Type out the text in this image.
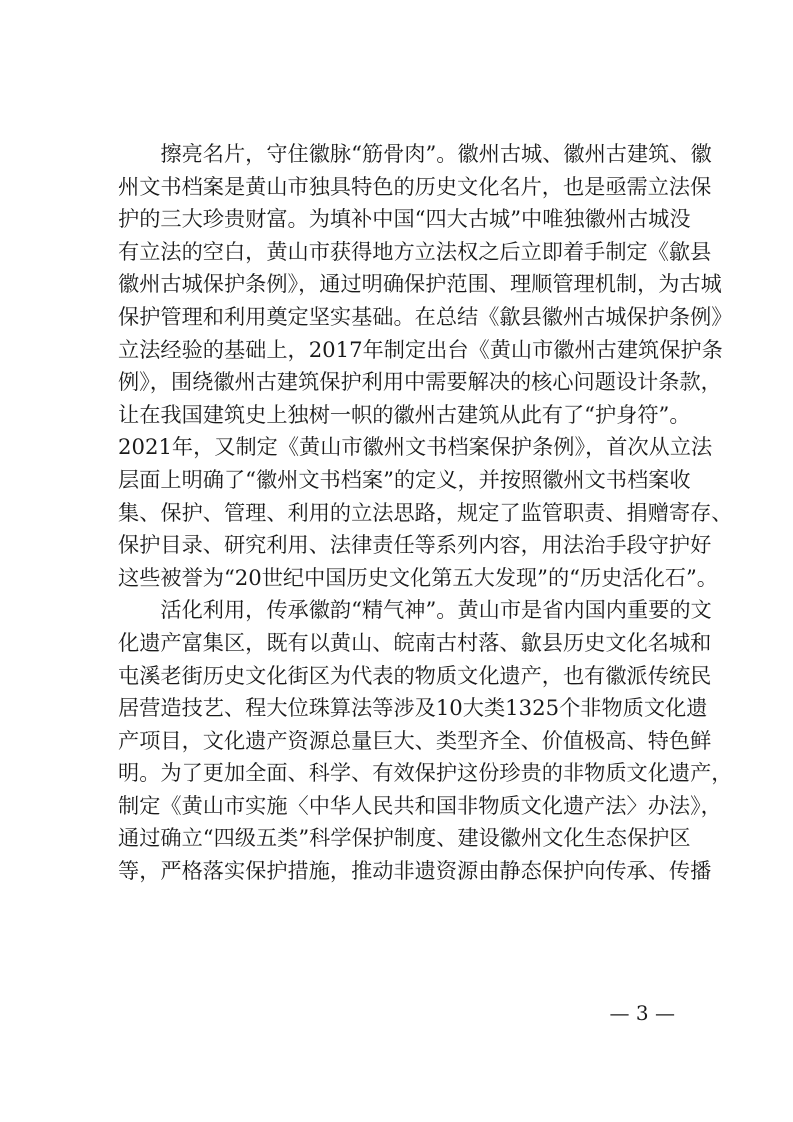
　　擦亮名片，守住徽脉“筋骨肉”。徽州古城、徽州古建筑、徽
州文书档案是黄山市独具特色的历史文化名片，也是亟需立法保
护的三大珍贵财富。为填补中国“四大古城”中唯独徽州古城没
有立法的空白，黄山市获得地方立法权之后立即着手制定《歙县
徽州古城保护条例》，通过明确保护范围、理顺管理机制，为古城
保护管理和利用奠定坚实基础。在总结《歙县徽州古城保护条例》
立法经验的基础上，2017年制定出台《黄山市徽州古建筑保护条
例》，围绕徽州古建筑保护利用中需要解决的核心问题设计条款，
让在我国建筑史上独树一帜的徽州古建筑从此有了“护身符”。
2021年，又制定《黄山市徽州文书档案保护条例》，首次从立法
层面上明确了“徽州文书档案”的定义，并按照徽州文书档案收
集、保护、管理、利用的立法思路，规定了监管职责、捐赠寄存、
保护目录、研究利用、法律责任等系列内容，用法治手段守护好
这些被誉为“20世纪中国历史文化第五大发现”的“历史活化石”。
　　活化利用，传承徽韵“精气神”。黄山市是省内国内重要的文
化遗产富集区，既有以黄山、皖南古村落、歙县历史文化名城和
屯溪老街历史文化街区为代表的物质文化遗产，也有徽派传统民
居营造技艺、程大位珠算法等涉及10大类1325个非物质文化遗
产项目，文化遗产资源总量巨大、类型齐全、价值极高、特色鲜
明。为了更加全面、科学、有效保护这份珍贵的非物质文化遗产，
制定《黄山市实施〈中华人民共和国非物质文化遗产法〉办法》，
通过确立“四级五类”科学保护制度、建设徽州文化生态保护区
等，严格落实保护措施，推动非遗资源由静态保护向传承、传播
— 3 —
